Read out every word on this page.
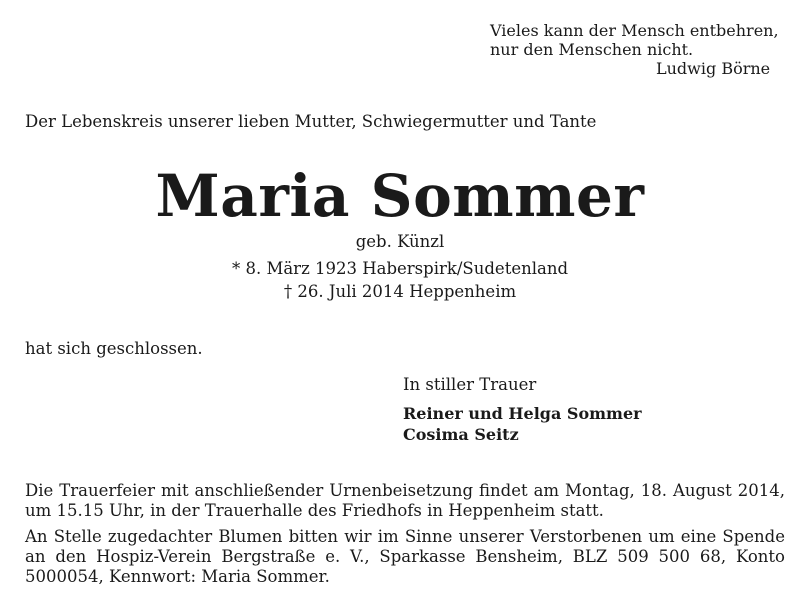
Vieles kann der Mensch entbehren,

nur den Menschen nicht.

Ludwig Börne

Der Lebenskreis unserer lieben Mutter, Schwiegermutter und Tante

Maria Sommer

geb. Künzl

* 8. März 1923 Haberspirk/Sudetenland

† 26. Juli 2014 Heppenheim

hat sich geschlossen.

In stiller Trauer

Reiner und Helga Sommer

Cosima Seitz

Die Trauerfeier mit anschließender Urnenbeisetzung findet am Montag, 18. August 2014, um 15.15 Uhr, in der Trauerhalle des Friedhofs in Heppenheim statt.

An Stelle zugedachter Blumen bitten wir im Sinne unserer Verstorbenen um eine Spende an den Hospiz-Verein Bergstraße e. V., Sparkasse Bensheim, BLZ 509 500 68, Konto 5000054, Kennwort: Maria Sommer.
